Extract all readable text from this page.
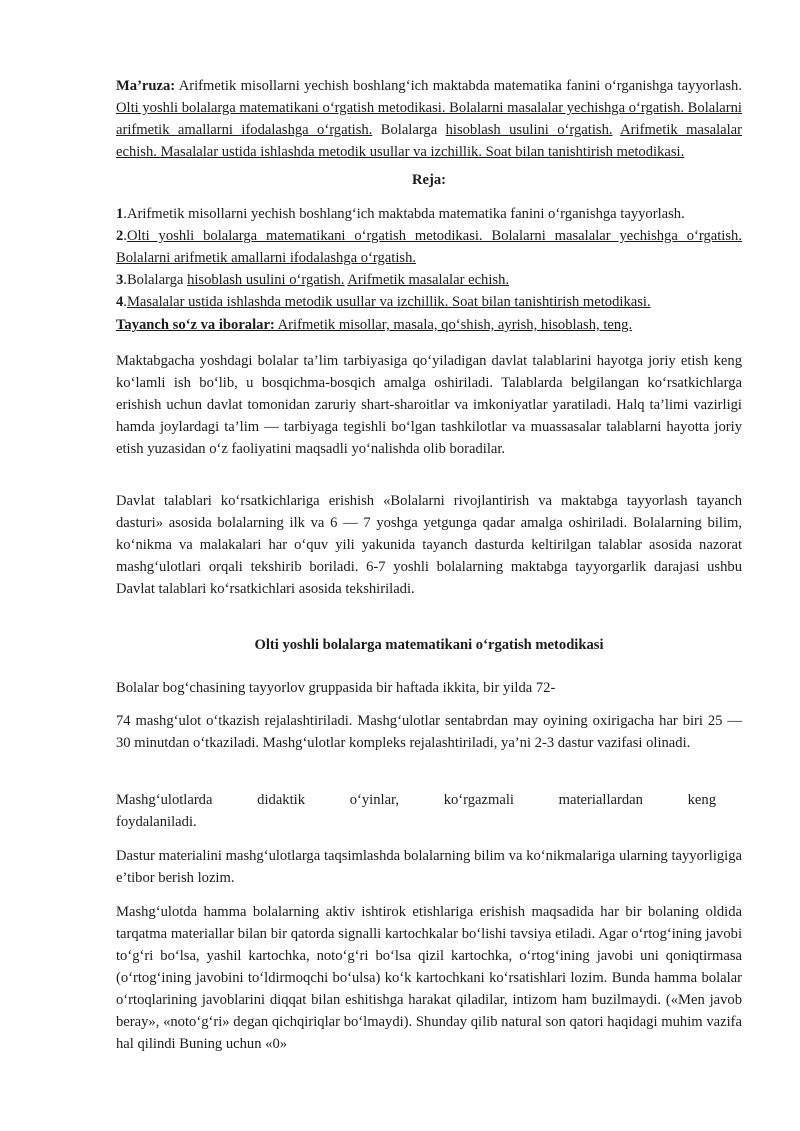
Ma’ruza: Arifmetik misollarni yechish boshlang‘ich maktabda matematika fanini o‘rganishga tayyorlash. Olti yoshli bolalarga matematikani o‘rgatish metodikasi. Bolalarni masalalar yechishga o‘rgatish. Bolalarni arifmetik amallarni ifodalashga o‘rgatish. Bolalarga hisoblash usulini o‘rgatish. Arifmetik masalalar echish. Masalalar ustida ishlashda metodik usullar va izchillik. Soat bilan tanishtirish metodikasi.

Reja:

1.Arifmetik misollarni yechish boshlang‘ich maktabda matematika fanini o‘rganishga tayyorlash.

2.Olti yoshli bolalarga matematikani o‘rgatish metodikasi. Bolalarni masalalar yechishga o‘rgatish. Bolalarni arifmetik amallarni ifodalashga o‘rgatish.

3.Bolalarga hisoblash usulini o‘rgatish. Arifmetik masalalar echish.

4.Masalalar ustida ishlashda metodik usullar va izchillik. Soat bilan tanishtirish metodikasi.

Tayanch so‘z va iboralar: Arifmetik misollar, masala, qo‘shish, ayrish, hisoblash, teng.

Maktabgacha yoshdagi bolalar ta’lim tarbiyasiga qo‘yiladigan davlat talablarini hayotga joriy etish keng ko‘lamli ish bo‘lib, u bosqichma-bosqich amalga oshiriladi. Talablarda belgilangan ko‘rsatkichlarga erishish uchun davlat tomonidan zaruriy shart-sharoitlar va imkoniyatlar yaratiladi. Halq ta’limi vazirligi hamda joylardagi ta’lim — tarbiyaga tegishli bo‘lgan tashkilotlar va muassasalar talablarni hayotta joriy etish yuzasidan o‘z faoliyatini maqsadli yo‘nalishda olib boradilar.

Davlat talablari ko‘rsatkichlariga erishish «Bolalarni rivojlantirish va maktabga tayyorlash tayanch dasturi» asosida bolalarning ilk va 6 — 7 yoshga yetgunga qadar amalga oshiriladi. Bolalarning bilim, ko‘nikma va malakalari har o‘quv yili yakunida tayanch dasturda keltirilgan talablar asosida nazorat mashg‘ulotlari orqali tekshirib boriladi. 6-7 yoshli bolalarning maktabga tayyorgarlik darajasi ushbu Davlat talablari ko‘rsatkichlari asosida tekshiriladi.

Olti yoshli bolalarga matematikani o‘rgatish metodikasi

Bolalar bog‘chasining tayyorlov gruppasida bir haftada ikkita, bir yilda 72-

74 mashg‘ulot o‘tkazish rejalashtiriladi. Mashg‘ulotlar sentabrdan may oyining oxirigacha har biri 25 — 30 minutdan o‘tkaziladi. Mashg‘ulotlar kompleks rejalashtiriladi, ya’ni 2-3 dastur vazifasi olinadi.

Mashg‘ulotlarda	didaktik	o‘yinlar,	ko‘rgazmali	materiallardan	keng

foydalaniladi.

Dastur materialini mashg‘ulotlarga taqsimlashda bolalarning bilim va ko‘nikmalariga ularning tayyorligiga e’tibor berish lozim.

Mashg‘ulotda hamma bolalarning aktiv ishtirok etishlariga erishish maqsadida har bir bolaning oldida tarqatma materiallar bilan bir qatorda signalli kartochkalar bo‘lishi tavsiya etiladi. Agar o‘rtog‘ining javobi to‘g‘ri bo‘lsa, yashil kartochka, noto‘g‘ri bo‘lsa qizil kartochka, o‘rtog‘ining javobi uni qoniqtirmasa (o‘rtog‘ining javobini to‘ldirmoqchi bo‘ulsa) ko‘k kartochkani ko‘rsatishlari lozim. Bunda hamma bolalar o‘rtoqlarining javoblarini diqqat bilan eshitishga harakat qiladilar, intizom ham buzilmaydi. («Men javob beray», «noto‘g‘ri» degan qichqiriqlar bo‘lmaydi). Shunday qilib natural son qatori haqidagi muhim vazifa hal qilindi Buning uchun «0»
